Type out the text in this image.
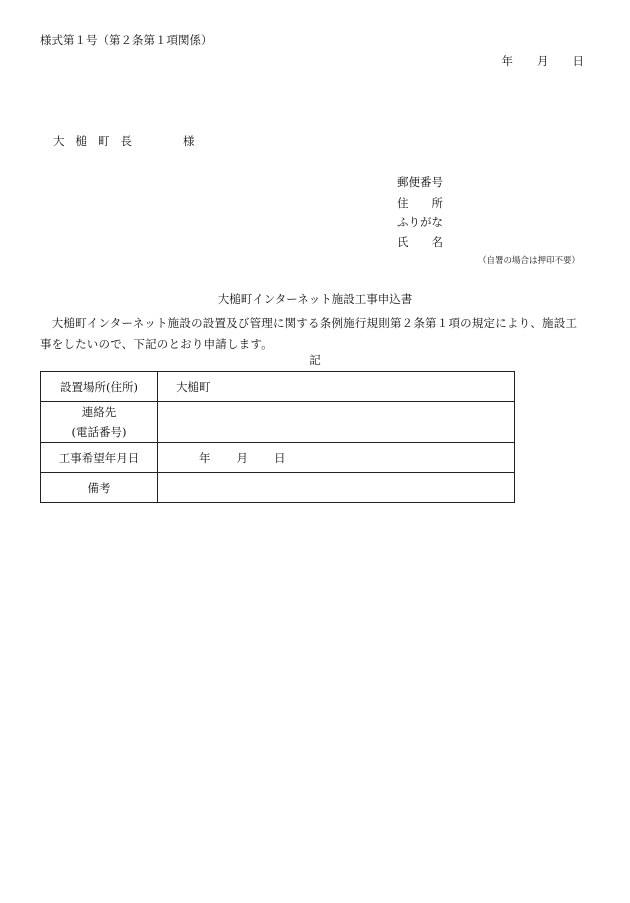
様式第１号（第２条第１項関係）
年 月 日
大槌町長	様
郵便番号
住所
ふりがな
氏名
（自署の場合は押印不要）
大槌町インターネット施設工事申込書
　大槌町インターネット施設の設置及び管理に関する条例施行規則第２条第１項の規定により、施設工事をしたいので、下記のとおり申請します。
記
設置場所(住所)	大槌町

連絡先
(電話番号)	

工事希望年月日	年 月 日
備考	
